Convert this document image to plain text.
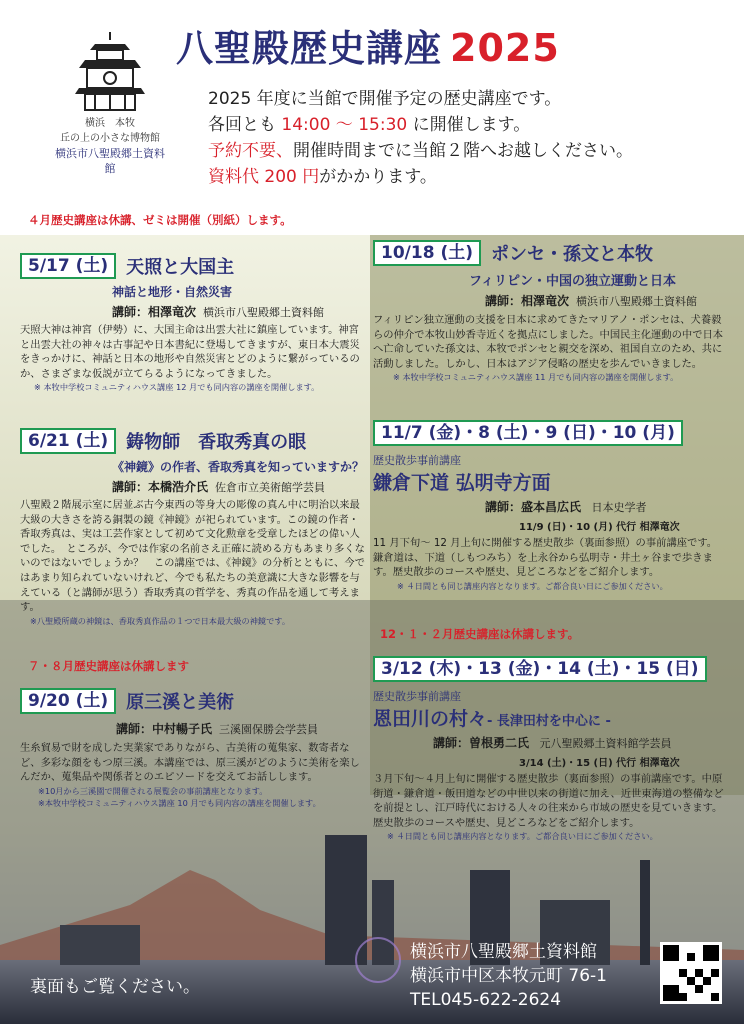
横浜　本牧
丘の上の小さな博物館
横浜市八聖殿郷土資料館
八聖殿歴史講座 2025
2025 年度に当館で開催予定の歴史講座です。
各回とも 14:00 ～ 15:30 に開催します。
予約不要、開催時間までに当館２階へお越しください。
資料代 200 円がかかります。
４月歴史講座は休講、ゼミは開催（別紙）します。
5/17 (土)	天照と大国主
神話と地形・自然災害
講師：相澤竜次 横浜市八聖殿郷土資料館
天照大神は神宮（伊勢）に、大国主命は出雲大社に鎮座しています。神宮と出雲大社の神々は古事記や日本書紀に登場してきますが、東日本大震災をきっかけに、神話と日本の地形や自然災害とどのように繋がっているのか、さまざまな仮説が立てらるようになってきました。
※ 本牧中学校コミュニティハウス講座 12 月でも同内容の講座を開催します。
6/21 (土)	鋳物師　香取秀真の眼
《神鏡》の作者、香取秀真を知っていますか？
講師：本橋浩介氏 佐倉市立美術館学芸員
八聖殿２階展示室に居並ぶ古今東西の等身大の彫像の真ん中に明治以来最大級の大きさを誇る銅製の鏡《神鏡》が祀られています。この鏡の作者・香取秀真は、実は工芸作家として初めて文化勲章を受章したほどの偉い人でした。　ところが、今では作家の名前さえ正確に読める方もあまり多くないのではないでしょうか？　この講座では、《神鏡》の分析とともに、今ではあまり知られていないけれど、今でも私たちの美意識に大きな影響を与えている（と講師が思う）香取秀真の哲学を、秀真の作品を通して考えます。
※八聖殿所蔵の神鏡は、香取秀真作品の１つで日本最大級の神鏡です。
７・８月歴史講座は休講します
9/20 (土)	原三溪と美術
講師：中村暢子氏 三溪園保勝会学芸員
生糸貿易で財を成した実業家でありながら、古美術の蒐集家、数寄者など、多彩な顔をもつ原三溪。本講座では、原三溪がどのように美術を楽しんだか、蒐集品や関係者とのエピソードを交えてお話しします。
※10月から三溪園で開催される展覧会の事前講座となります。
※本牧中学校コミュニティハウス講座 10 月でも同内容の講座を開催します。
10/18 (土)	ポンセ・孫文と本牧
フィリピン・中国の独立運動と日本
講師：相澤竜次 横浜市八聖殿郷土資料館
フィリピン独立運動の支援を日本に求めてきたマリアノ・ポンセは、犬養毅らの仲介で本牧山妙香寺近くを拠点にしました。中国民主化運動の中で日本へ亡命していた孫文は、本牧でポンセと親交を深め、祖国自立のため、共に活動しました。しかし、日本はアジア侵略の歴史を歩んでいきました。
※ 本牧中学校コミュニティハウス講座 11 月でも同内容の講座を開催します。
11/7 (金)・8 (土)・9 (日)・10 (月)
歴史散歩事前講座
鎌倉下道 弘明寺方面
講師：盛本昌広氏 日本史学者
11/9 (日)・10 (月) 代行 相澤竜次
11 月下旬～ 12 月上旬に開催する歴史散歩（裏面参照）の事前講座です。鎌倉道は、下道（しもつみち）を上永谷から弘明寺・井土ヶ谷まで歩きます。歴史散歩のコースや歴史、見どころなどをご紹介します。
※ ４日間とも同じ講座内容となります。ご都合良い日にご参加ください。
12・１・２月歴史講座は休講します。
3/12 (木)・13 (金)・14 (土)・15 (日)
歴史散歩事前講座
恩田川の村々- 長津田村を中心に -
講師：曽根勇二氏 元八聖殿郷土資料館学芸員
3/14 (土)・15 (日) 代行 相澤竜次
３月下旬～４月上旬に開催する歴史散歩（裏面参照）の事前講座です。中原街道・鎌倉道・飯田道などの中世以来の街道に加え、近世東海道の整備などを前提とし、江戸時代における人々の往来から市域の歴史を見ていきます。歴史散歩のコースや歴史、見どころなどをご紹介します。
※ ４日間とも同じ講座内容となります。ご都合良い日にご参加ください。
裏面もご覧ください。
横浜市八聖殿郷土資料館
横浜市中区本牧元町 76-1
TEL045-622-2624
